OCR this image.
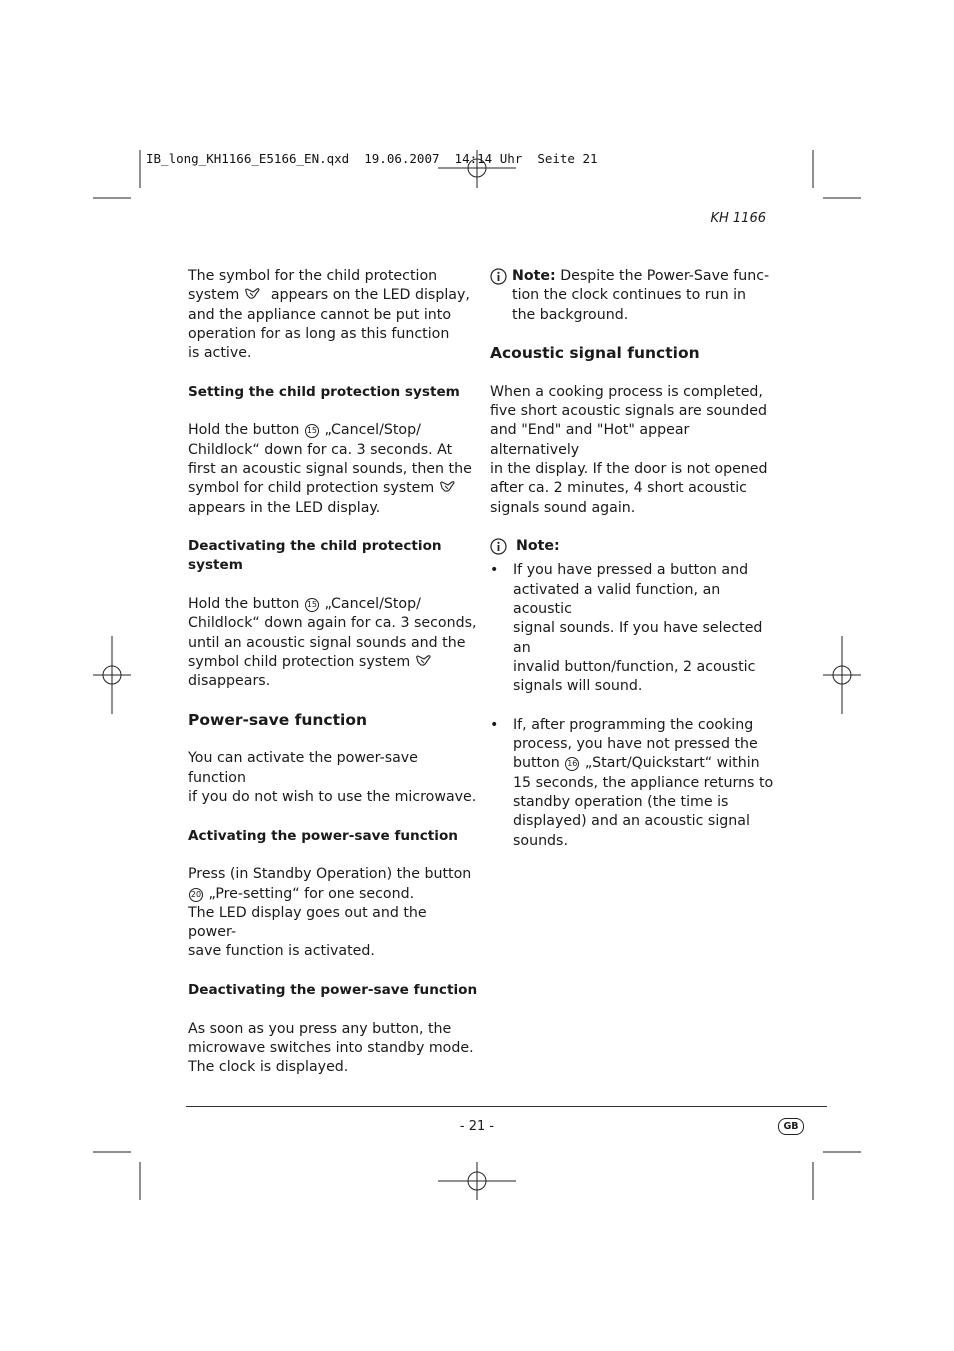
IB_long_KH1166_E5166_EN.qxd  19.06.2007  14:14 Uhr  Seite 21
KH 1166

The symbol for the child protection
system appears on the LED display,
and the appliance cannot be put into
operation for as long as this function
is active.

Setting the child protection system

Hold the button 15 „Cancel/Stop/
Childlock“ down for ca. 3 seconds. At
first an acoustic signal sounds, then the
symbol for child protection system
appears in the LED display.

Deactivating the child protection system

Hold the button 15 „Cancel/Stop/
Childlock“ down again for ca. 3 seconds,
until an acoustic signal sounds and the
symbol child protection system
disappears.

Power-save function

You can activate the power-save function
if you do not wish to use the microwave.

Activating the power-save function

Press (in Standby Operation) the button
20 „Pre-setting“ for one second.
The LED display goes out and the power-
save function is activated.

Deactivating the power-save function

As soon as you press any button, the
microwave switches into standby mode.
The clock is displayed.

Note: Despite the Power-Save func-
tion the clock continues to run in
the background.

Acoustic signal function

When a cooking process is completed,
five short acoustic signals are sounded
and "End" and "Hot" appear alternatively
in the display. If the door is not opened
after ca. 2 minutes, 4 short acoustic
signals sound again.

Note:

•	If you have pressed a button and
activated a valid function, an acoustic
signal sounds. If you have selected an
invalid button/function, 2 acoustic
signals will sound.

•	If, after programming the cooking
process, you have not pressed the
button 16 „Start/Quickstart“ within
15 seconds, the appliance returns to
standby operation (the time is
displayed) and an acoustic signal
sounds.

- 21 -	GB
